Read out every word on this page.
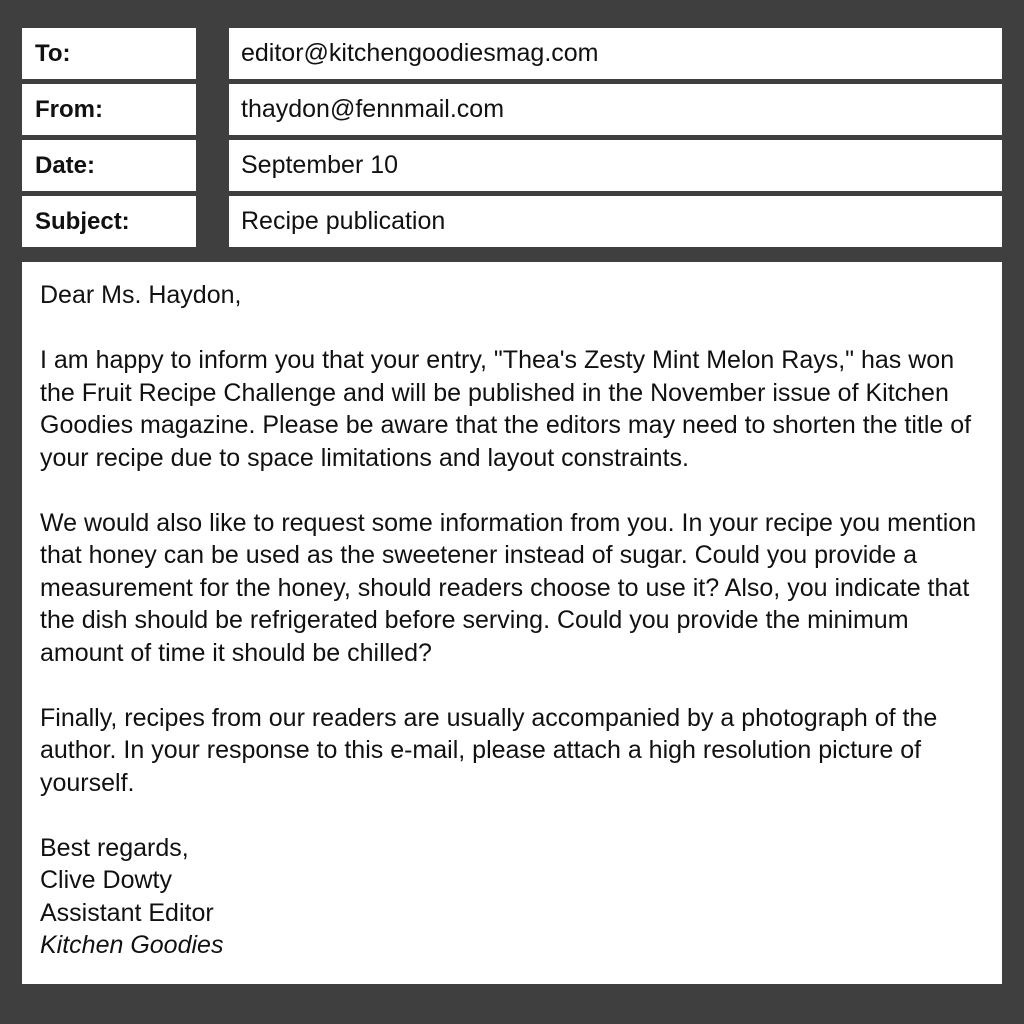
To:	editor@kitchengoodiesmag.com
From:	thaydon@fennmail.com
Date:	September 10
Subject:	Recipe publication

Dear Ms. Haydon,

I am happy to inform you that your entry, "Thea's Zesty Mint Melon Rays," has won the Fruit Recipe Challenge and will be published in the November issue of Kitchen Goodies magazine. Please be aware that the editors may need to shorten the title of your recipe due to space limitations and layout constraints.

We would also like to request some information from you. In your recipe you mention that honey can be used as the sweetener instead of sugar. Could you provide a measurement for the honey, should readers choose to use it? Also, you indicate that the dish should be refrigerated before serving. Could you provide the minimum amount of time it should be chilled?

Finally, recipes from our readers are usually accompanied by a photograph of the author. In your response to this e-mail, please attach a high resolution picture of yourself.

Best regards,
Clive Dowty
Assistant Editor
Kitchen Goodies
